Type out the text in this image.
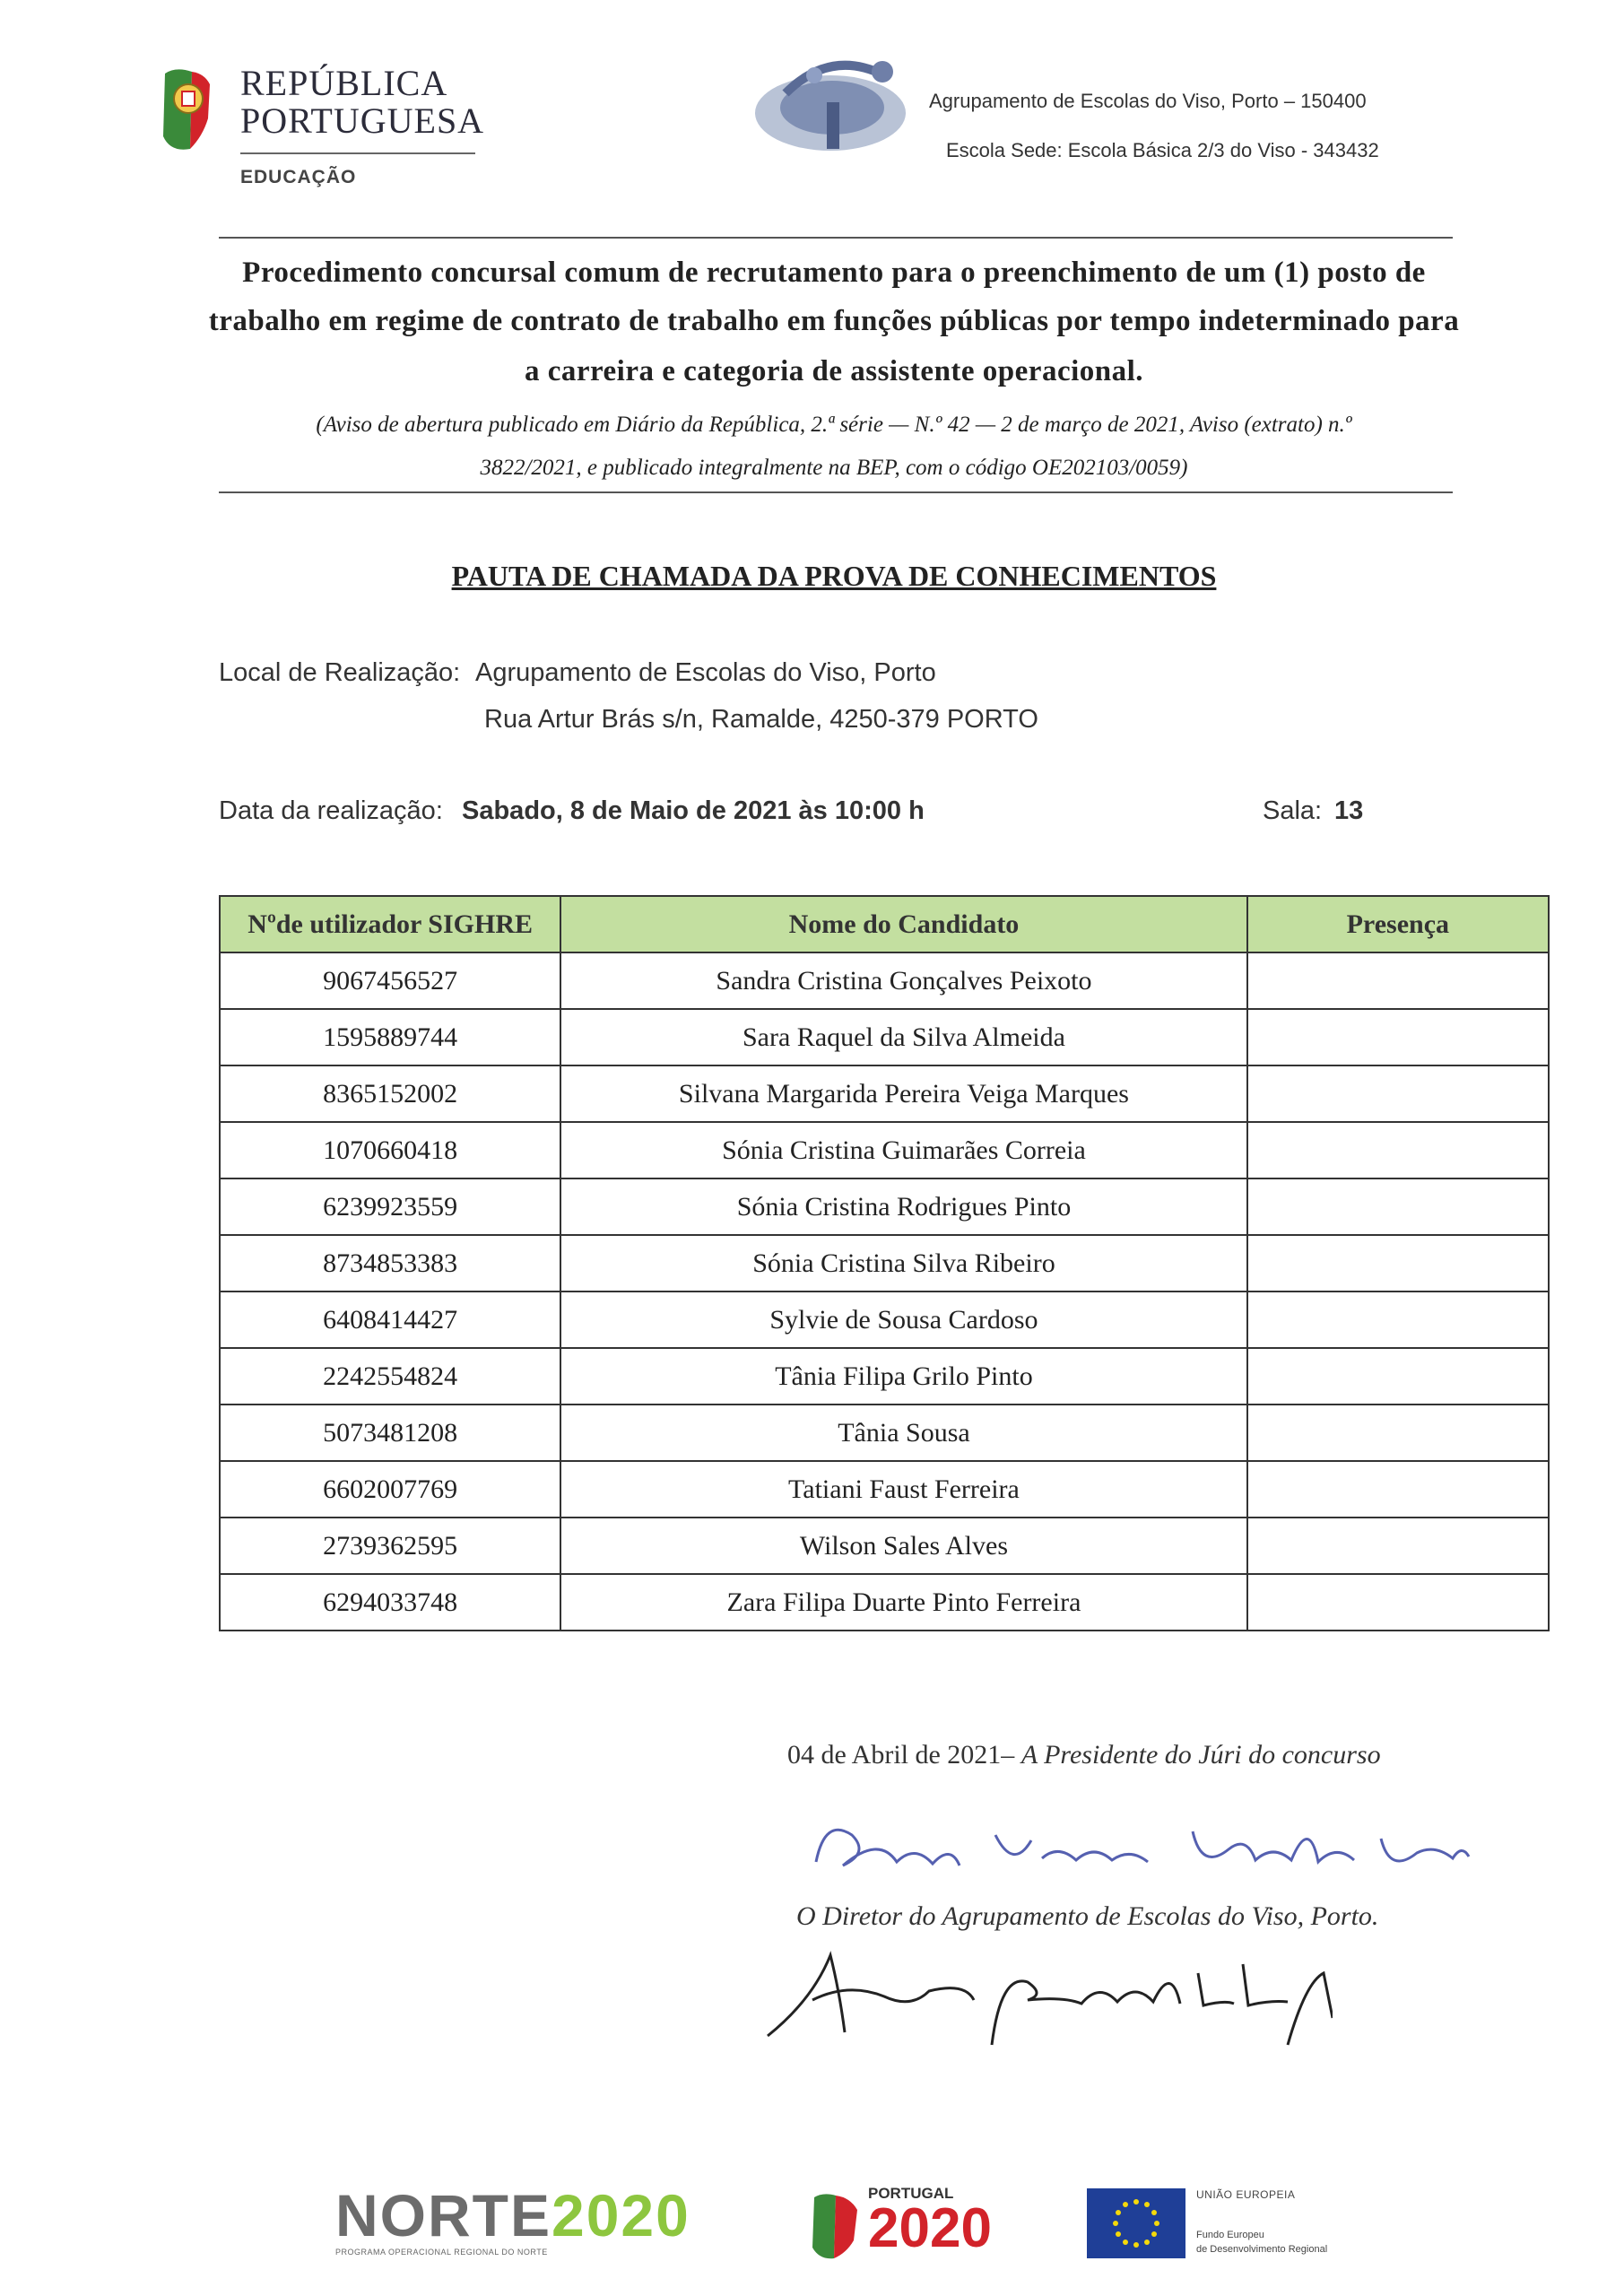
REPÚBLICA
PORTUGUESA
EDUCAÇÃO
Agrupamento de Escolas do Viso, Porto – 150400
Escola Sede: Escola Básica 2/3 do Viso - 343432
Procedimento concursal comum de recrutamento para o preenchimento de um (1) posto de
trabalho em regime de contrato de trabalho em funções públicas por tempo indeterminado para
a carreira e categoria de assistente operacional.
(Aviso de abertura publicado em Diário da República, 2.ª série — N.º 42 — 2 de março de 2021, Aviso (extrato) n.º
3822/2021, e publicado integralmente na BEP, com o código OE202103/0059)
PAUTA DE CHAMADA DA PROVA DE CONHECIMENTOS
Local de Realização: Agrupamento de Escolas do Viso, Porto
Rua Artur Brás s/n, Ramalde, 4250-379 PORTO
Data da realização: Sabado, 8 de Maio de 2021 às 10:00 h	Sala: 13
Nºde utilizador SIGHRE	Nome do Candidato	Presença
9067456527	Sandra Cristina Gonçalves Peixoto	
1595889744	Sara Raquel da Silva Almeida	
8365152002	Silvana Margarida Pereira Veiga Marques	
1070660418	Sónia Cristina Guimarães Correia	
6239923559	Sónia Cristina Rodrigues Pinto	
8734853383	Sónia Cristina Silva Ribeiro	
6408414427	Sylvie de Sousa Cardoso	
2242554824	Tânia Filipa Grilo Pinto	
5073481208	Tânia Sousa	
6602007769	Tatiani Faust Ferreira	
2739362595	Wilson Sales Alves	
6294033748	Zara Filipa Duarte Pinto Ferreira	
04 de Abril de 2021– A Presidente do Júri do concurso
O Diretor do Agrupamento de Escolas do Viso, Porto.
NORTE2020
PROGRAMA OPERACIONAL REGIONAL DO NORTE
PORTUGAL
2020
UNIÃO EUROPEIA
Fundo Europeu
de Desenvolvimento Regional
